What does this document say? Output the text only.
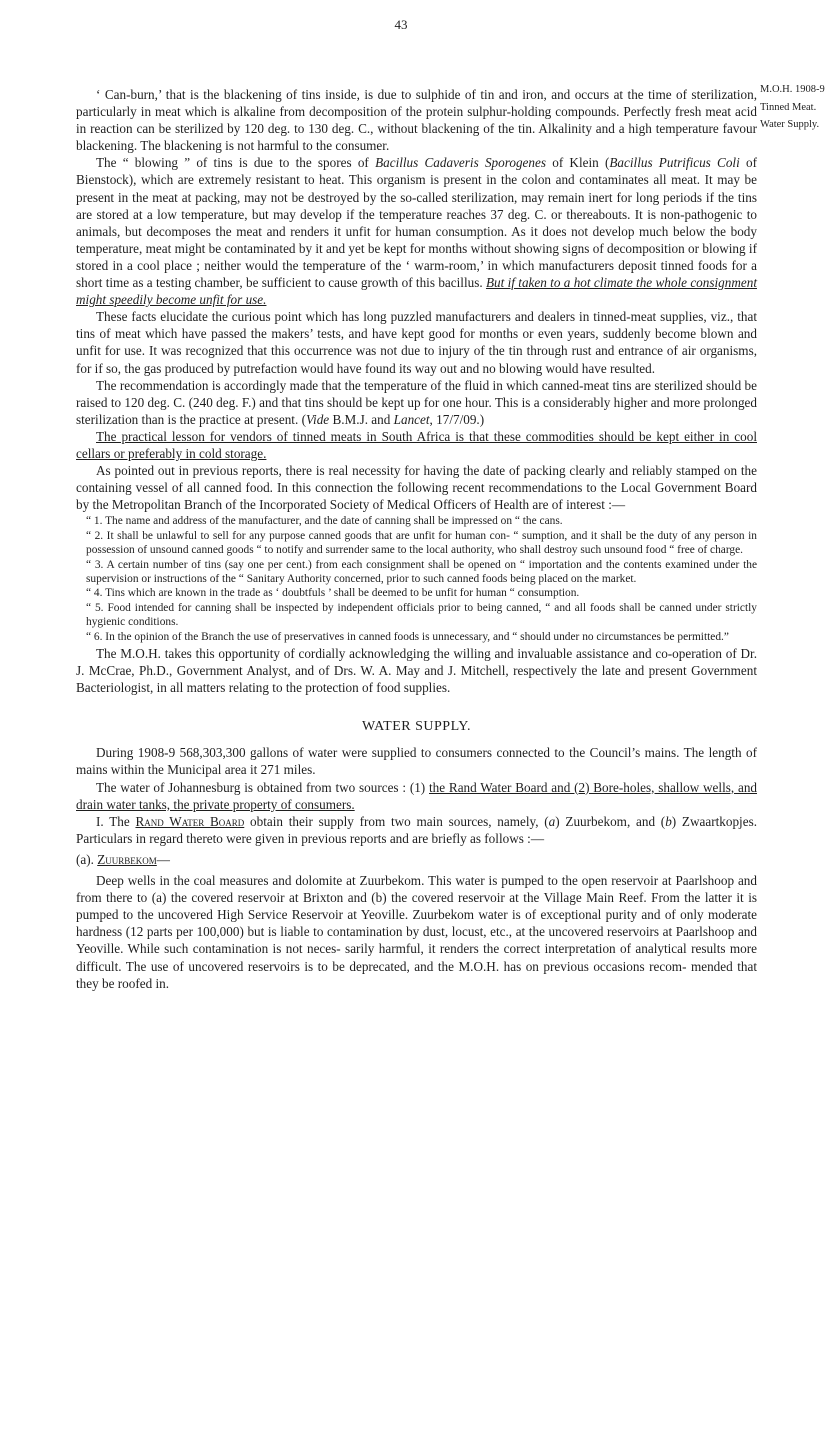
43
M.O.H. 1908-9
Tinned Meat.
Water Supply.

‘ Can-burn,’ that is the blackening of tins inside, is due to sulphide of tin and iron, and occurs at the time of sterilization, particularly in meat which is alkaline from decomposition of the protein sulphur-holding compounds. Perfectly fresh meat acid in reaction can be sterilized by 120 deg. to 130 deg. C., without blackening of the tin. Alkalinity and a high temperature favour blackening. The blackening is not harmful to the consumer.

The “ blowing ” of tins is due to the spores of Bacillus Cadaveris Sporogenes of Klein (Bacillus Putrificus Coli of Bienstock), which are extremely resistant to heat. This organism is present in the colon and contaminates all meat. It may be present in the meat at packing, may not be destroyed by the so-called sterilization, may remain inert for long periods if the tins are stored at a low temperature, but may develop if the temperature reaches 37 deg. C. or thereabouts. It is non-pathogenic to animals, but decomposes the meat and renders it unfit for human consumption. As it does not develop much below the body temperature, meat might be contaminated by it and yet be kept for months without showing signs of decomposition or blowing if stored in a cool place ; neither would the temperature of the ‘ warm-room,’ in which manufacturers deposit tinned foods for a short time as a testing chamber, be sufficient to cause growth of this bacillus. But if taken to a hot climate the whole consignment might speedily become unfit for use.

These facts elucidate the curious point which has long puzzled manufacturers and dealers in tinned-meat supplies, viz., that tins of meat which have passed the makers’ tests, and have kept good for months or even years, suddenly become blown and unfit for use. It was recognized that this occurrence was not due to injury of the tin through rust and entrance of air organisms, for if so, the gas produced by putrefaction would have found its way out and no blowing would have resulted.

The recommendation is accordingly made that the temperature of the fluid in which canned-meat tins are sterilized should be raised to 120 deg. C. (240 deg. F.) and that tins should be kept up for one hour. This is a considerably higher and more prolonged sterilization than is the practice at present. (Vide B.M.J. and Lancet, 17/7/09.)

The practical lesson for vendors of tinned meats in South Africa is that these commodities should be kept either in cool cellars or preferably in cold storage.

As pointed out in previous reports, there is real necessity for having the date of packing clearly and reliably stamped on the containing vessel of all canned food. In this connection the following recent recommendations to the Local Government Board by the Metropolitan Branch of the Incorporated Society of Medical Officers of Health are of interest :—

“ 1. The name and address of the manufacturer, and the date of canning shall be impressed on “ the cans.

“ 2. It shall be unlawful to sell for any purpose canned goods that are unfit for human con- “ sumption, and it shall be the duty of any person in possession of unsound canned goods “ to notify and surrender same to the local authority, who shall destroy such unsound food “ free of charge.

“ 3. A certain number of tins (say one per cent.) from each consignment shall be opened on “ importation and the contents examined under the supervision or instructions of the “ Sanitary Authority concerned, prior to such canned foods being placed on the market.

“ 4. Tins which are known in the trade as ‘ doubtfuls ’ shall be deemed to be unfit for human “ consumption.

“ 5. Food intended for canning shall be inspected by independent officials prior to being canned, “ and all foods shall be canned under strictly hygienic conditions.

“ 6. In the opinion of the Branch the use of preservatives in canned foods is unnecessary, and “ should under no circumstances be permitted.”

The M.O.H. takes this opportunity of cordially acknowledging the willing and invaluable assistance and co-operation of Dr. J. McCrae, Ph.D., Government Analyst, and of Drs. W. A. May and J. Mitchell, respectively the late and present Government Bacteriologist, in all matters relating to the protection of food supplies.

WATER SUPPLY.

During 1908-9 568,303,300 gallons of water were supplied to consumers connected to the Council’s mains. The length of mains within the Municipal area it 271 miles.

The water of Johannesburg is obtained from two sources : (1) the Rand Water Board and (2) Bore-holes, shallow wells, and drain water tanks, the private property of consumers.

I. The Rand Water Board obtain their supply from two main sources, namely, (a) Zuurbekom, and (b) Zwaartkopjes. Particulars in regard thereto were given in previous reports and are briefly as follows :—

(a). Zuurbekom—

Deep wells in the coal measures and dolomite at Zuurbekom. This water is pumped to the open reservoir at Paarlshoop and from there to (a) the covered reservoir at Brixton and (b) the covered reservoir at the Village Main Reef. From the latter it is pumped to the uncovered High Service Reservoir at Yeoville. Zuurbekom water is of exceptional purity and of only moderate hardness (12 parts per 100,000) but is liable to contamination by dust, locust, etc., at the uncovered reservoirs at Paarlshoop and Yeoville. While such contamination is not neces- sarily harmful, it renders the correct interpretation of analytical results more difficult. The use of uncovered reservoirs is to be deprecated, and the M.O.H. has on previous occasions recom- mended that they be roofed in.
